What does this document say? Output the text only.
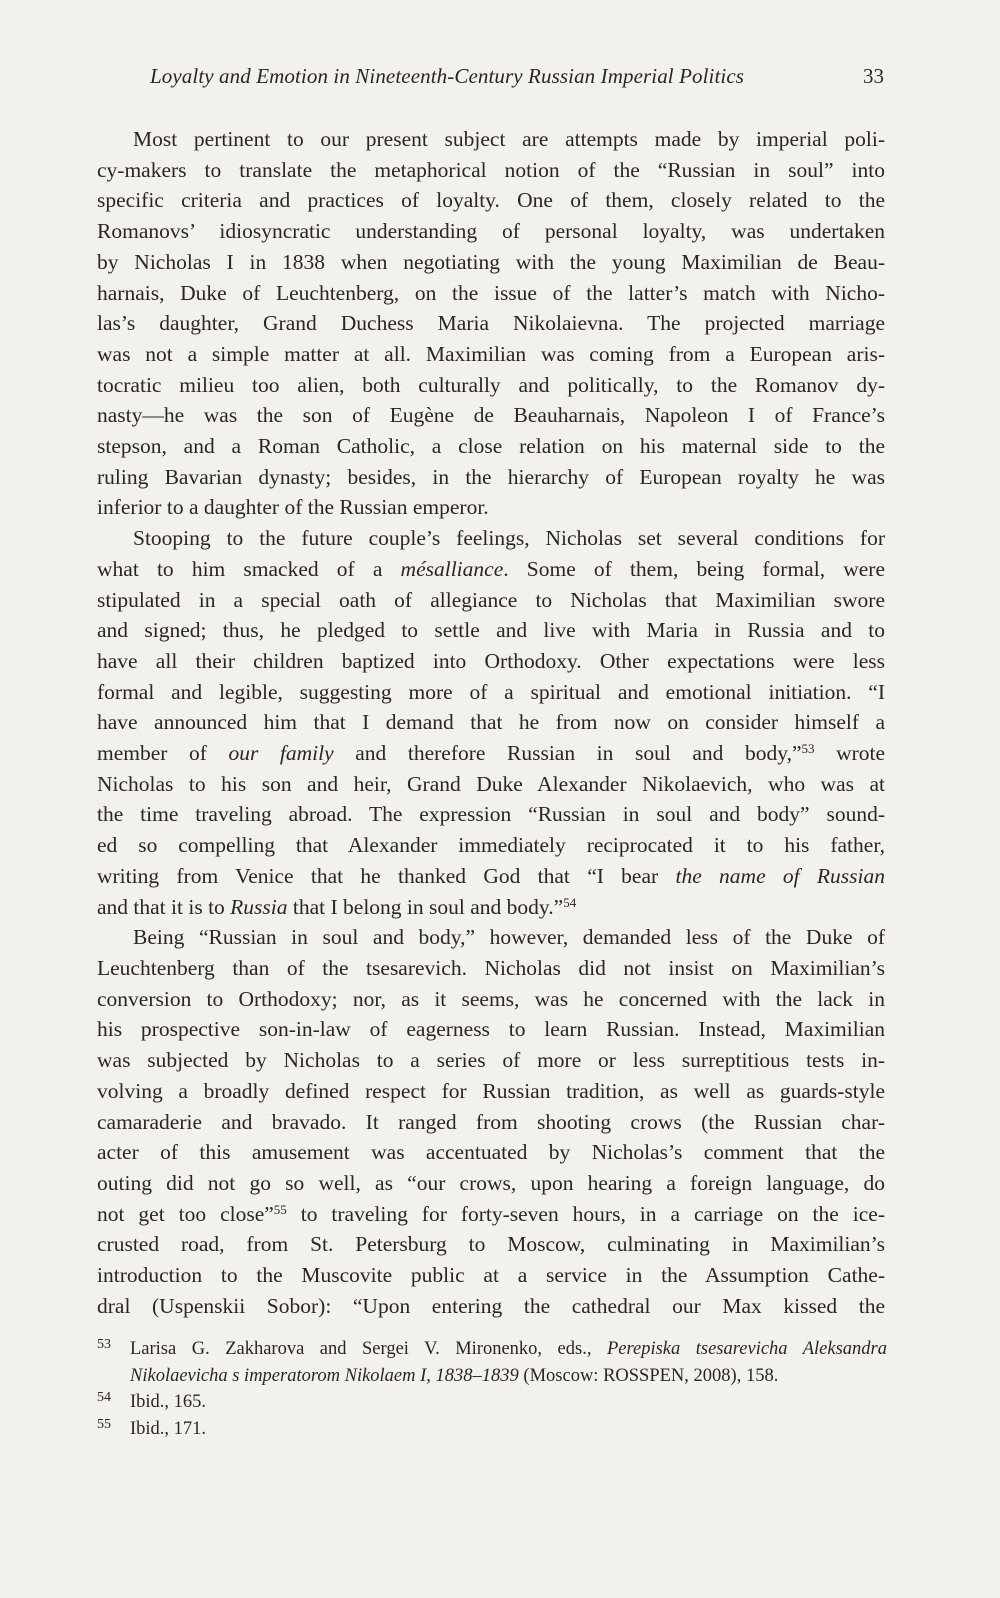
Loyalty and Emotion in Nineteenth-Century Russian Imperial Politics	33
Most pertinent to our present subject are attempts made by imperial poli-
cy-makers to translate the metaphorical notion of the “Russian in soul” into
specific criteria and practices of loyalty. One of them, closely related to the
Romanovs’ idiosyncratic understanding of personal loyalty, was undertaken
by Nicholas I in 1838 when negotiating with the young Maximilian de Beau-
harnais, Duke of Leuchtenberg, on the issue of the latter’s match with Nicho-
las’s daughter, Grand Duchess Maria Nikolaievna. The projected marriage
was not a simple matter at all. Maximilian was coming from a European aris-
tocratic milieu too alien, both culturally and politically, to the Romanov dy-
nasty—he was the son of Eugène de Beauharnais, Napoleon I of France’s
stepson, and a Roman Catholic, a close relation on his maternal side to the
ruling Bavarian dynasty; besides, in the hierarchy of European royalty he was
inferior to a daughter of the Russian emperor.
Stooping to the future couple’s feelings, Nicholas set several conditions for
what to him smacked of a mésalliance. Some of them, being formal, were
stipulated in a special oath of allegiance to Nicholas that Maximilian swore
and signed; thus, he pledged to settle and live with Maria in Russia and to
have all their children baptized into Orthodoxy. Other expectations were less
formal and legible, suggesting more of a spiritual and emotional initiation. “I
have announced him that I demand that he from now on consider himself a
member of our family and therefore Russian in soul and body,”$^{53}$ wrote
Nicholas to his son and heir, Grand Duke Alexander Nikolaevich, who was at
the time traveling abroad. The expression “Russian in soul and body” sound-
ed so compelling that Alexander immediately reciprocated it to his father,
writing from Venice that he thanked God that “I bear the name of Russian
and that it is to Russia that I belong in soul and body.”$^{54}$
Being “Russian in soul and body,” however, demanded less of the Duke of
Leuchtenberg than of the tsesarevich. Nicholas did not insist on Maximilian’s
conversion to Orthodoxy; nor, as it seems, was he concerned with the lack in
his prospective son-in-law of eagerness to learn Russian. Instead, Maximilian
was subjected by Nicholas to a series of more or less surreptitious tests in-
volving a broadly defined respect for Russian tradition, as well as guards-style
camaraderie and bravado. It ranged from shooting crows (the Russian char-
acter of this amusement was accentuated by Nicholas’s comment that the
outing did not go so well, as “our crows, upon hearing a foreign language, do
not get too close”$^{55}$ to traveling for forty-seven hours, in a carriage on the ice-
crusted road, from St. Petersburg to Moscow, culminating in Maximilian’s
introduction to the Muscovite public at a service in the Assumption Cathe-
dral (Uspenskii Sobor): “Upon entering the cathedral our Max kissed the
53 Larisa G. Zakharova and Sergei V. Mironenko, eds., Perepiska tsesarevicha Aleksandra
Nikolaevicha s imperatorom Nikolaem I, 1838–1839 (Moscow: ROSSPEN, 2008), 158.
54 Ibid., 165.
55 Ibid., 171.
